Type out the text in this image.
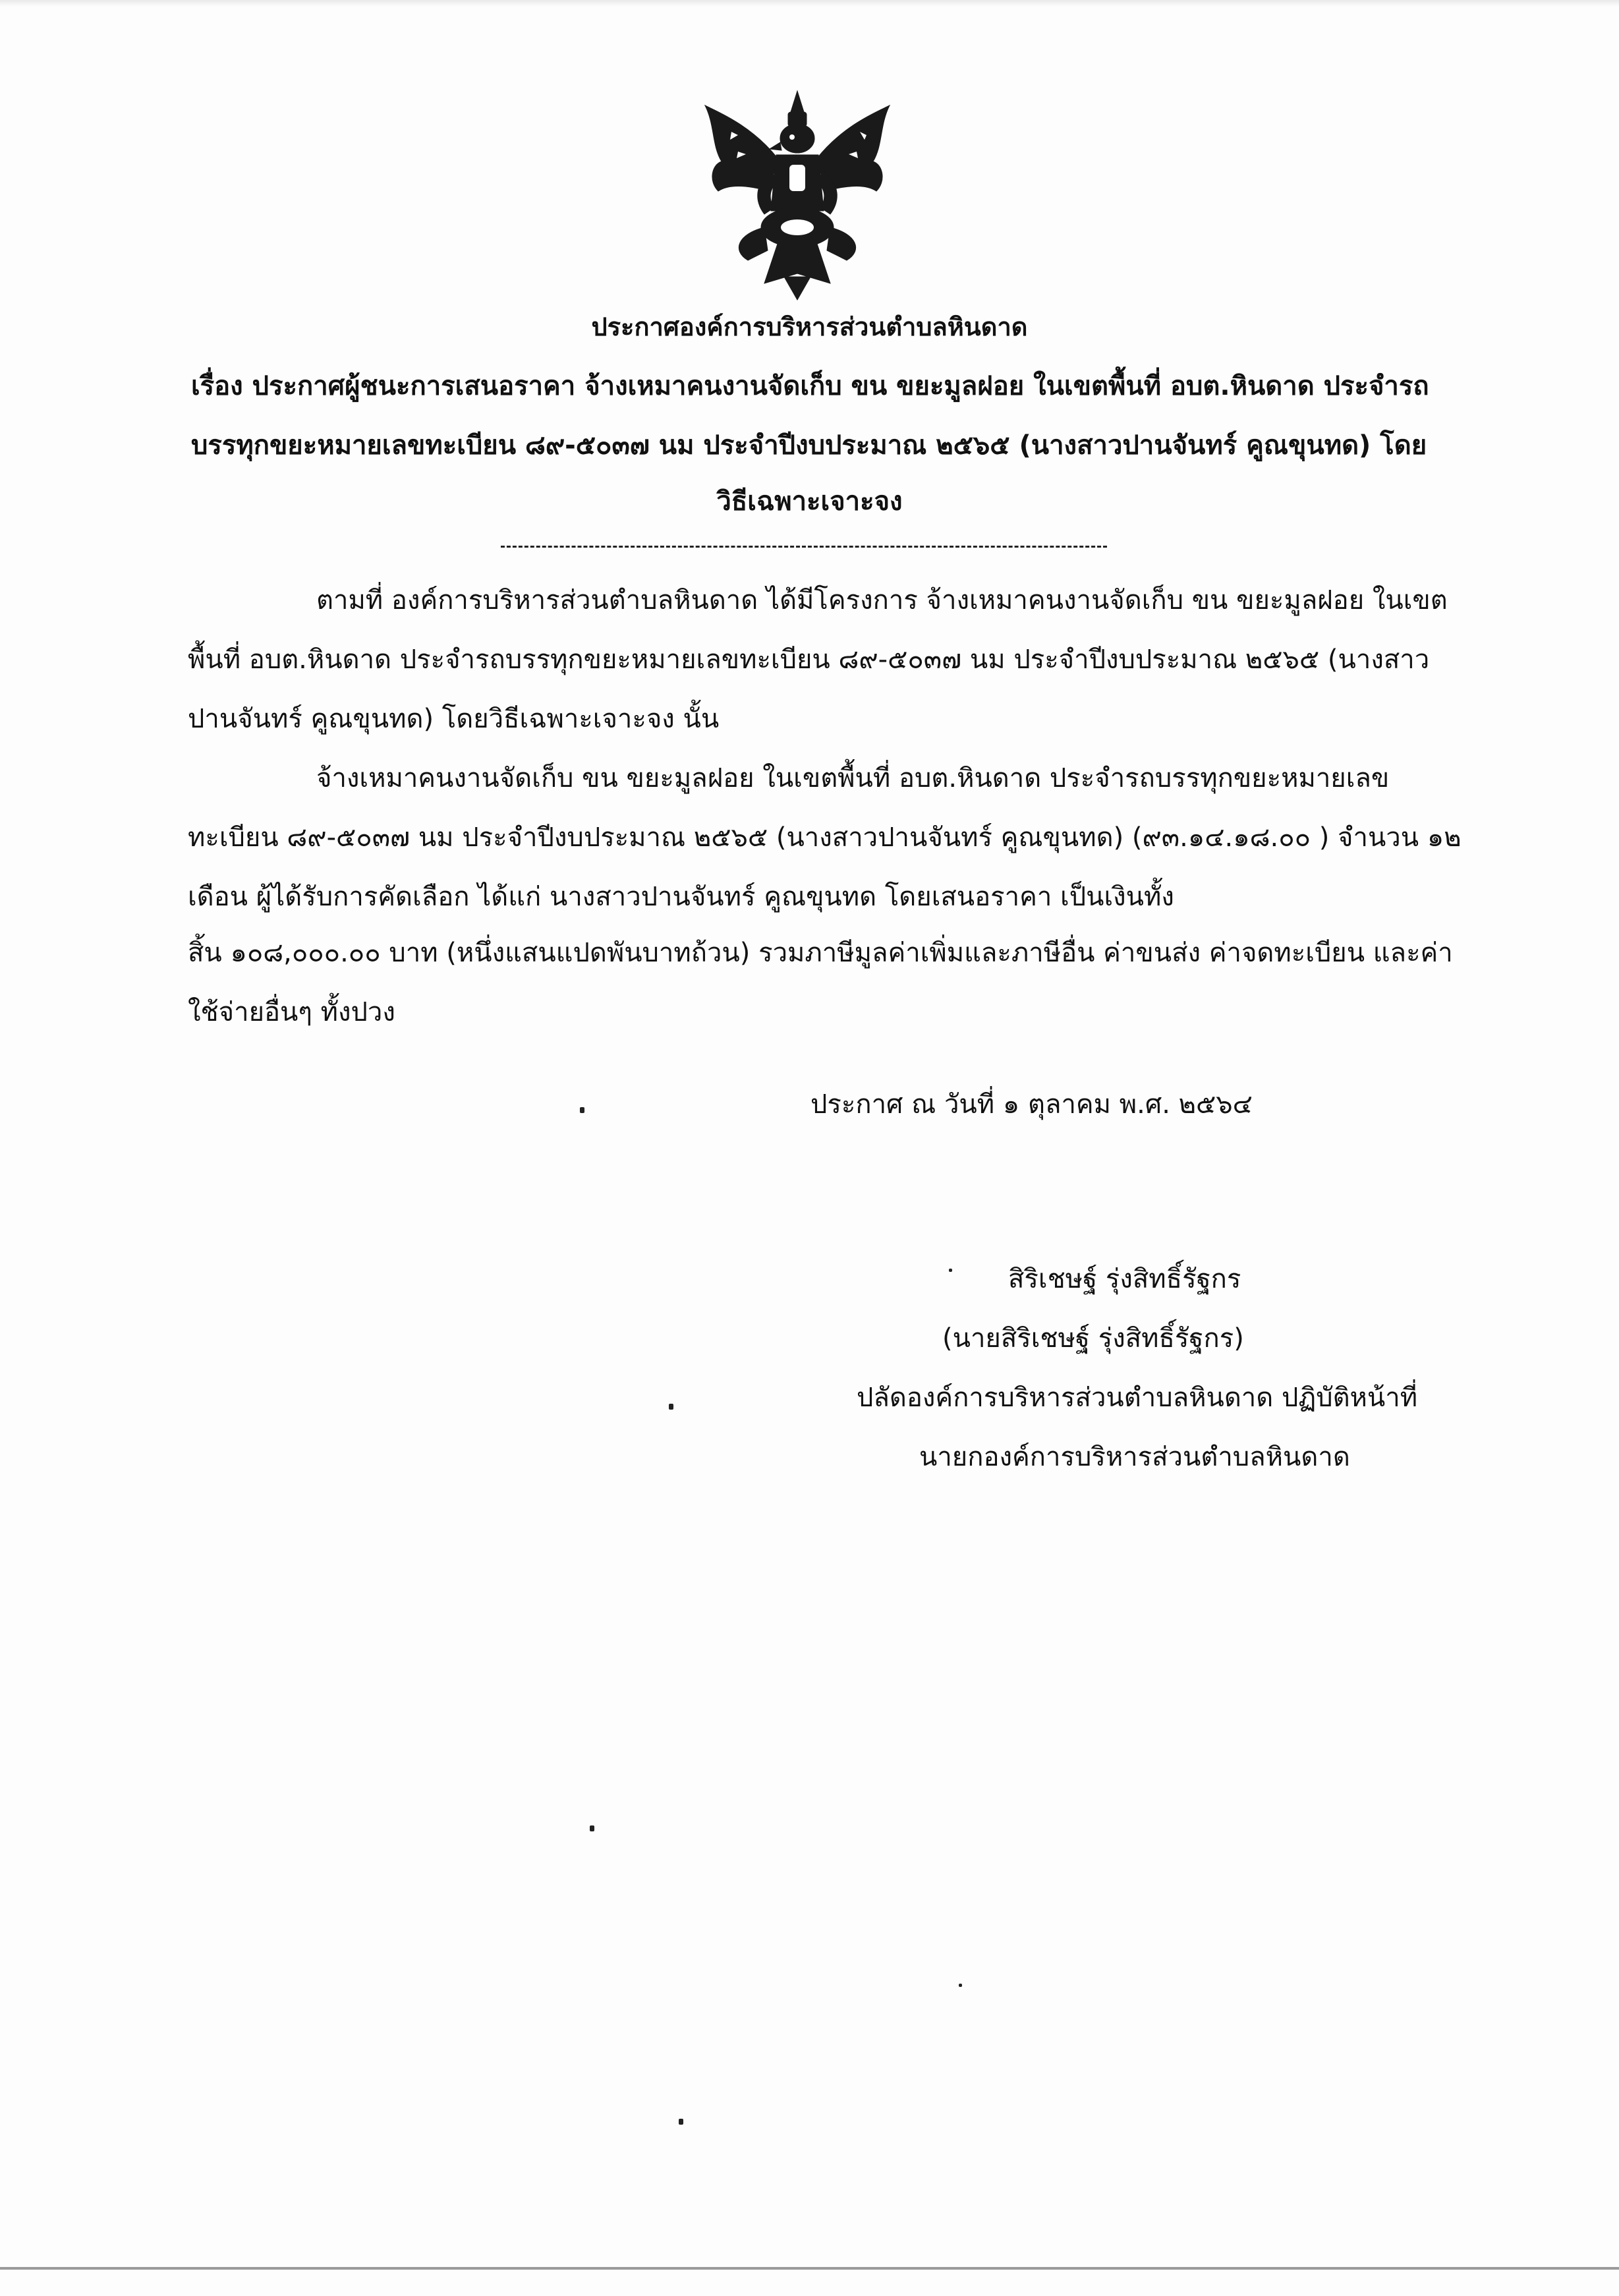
ประกาศองค์การบริหารส่วนตำบลหินดาด
เรื่อง ประกาศผู้ชนะการเสนอราคา จ้างเหมาคนงานจัดเก็บ ขน ขยะมูลฝอย ในเขตพื้นที่ อบต.หินดาด ประจำรถ
บรรทุกขยะหมายเลขทะเบียน ๘๙-๕๐๓๗ นม ประจำปีงบประมาณ ๒๕๖๕ (นางสาวปานจันทร์ คูณขุนทด) โดย
วิธีเฉพาะเจาะจง
ตามที่ องค์การบริหารส่วนตำบลหินดาด ได้มีโครงการ จ้างเหมาคนงานจัดเก็บ ขน ขยะมูลฝอย ในเขต
พื้นที่ อบต.หินดาด ประจำรถบรรทุกขยะหมายเลขทะเบียน ๘๙-๕๐๓๗ นม ประจำปีงบประมาณ ๒๕๖๕ (นางสาว
ปานจันทร์ คูณขุนทด) โดยวิธีเฉพาะเจาะจง นั้น
จ้างเหมาคนงานจัดเก็บ ขน ขยะมูลฝอย ในเขตพื้นที่ อบต.หินดาด ประจำรถบรรทุกขยะหมายเลข
ทะเบียน ๘๙-๕๐๓๗ นม ประจำปีงบประมาณ ๒๕๖๕ (นางสาวปานจันทร์ คูณขุนทด) (๙๓.๑๔.๑๘.๐๐ ) จำนวน ๑๒
เดือน ผู้ได้รับการคัดเลือก ได้แก่ นางสาวปานจันทร์ คูณขุนทด โดยเสนอราคา เป็นเงินทั้ง
สิ้น ๑๐๘,๐๐๐.๐๐ บาท (หนึ่งแสนแปดพันบาทถ้วน) รวมภาษีมูลค่าเพิ่มและภาษีอื่น ค่าขนส่ง ค่าจดทะเบียน และค่า
ใช้จ่ายอื่นๆ ทั้งปวง
ประกาศ ณ วันที่ ๑ ตุลาคม พ.ศ. ๒๕๖๔
สิริเชษฐ์ รุ่งสิทธิ์รัฐกร
(นายสิริเชษฐ์ รุ่งสิทธิ์รัฐกร)
ปลัดองค์การบริหารส่วนตำบลหินดาด ปฏิบัติหน้าที่
นายกองค์การบริหารส่วนตำบลหินดาด
